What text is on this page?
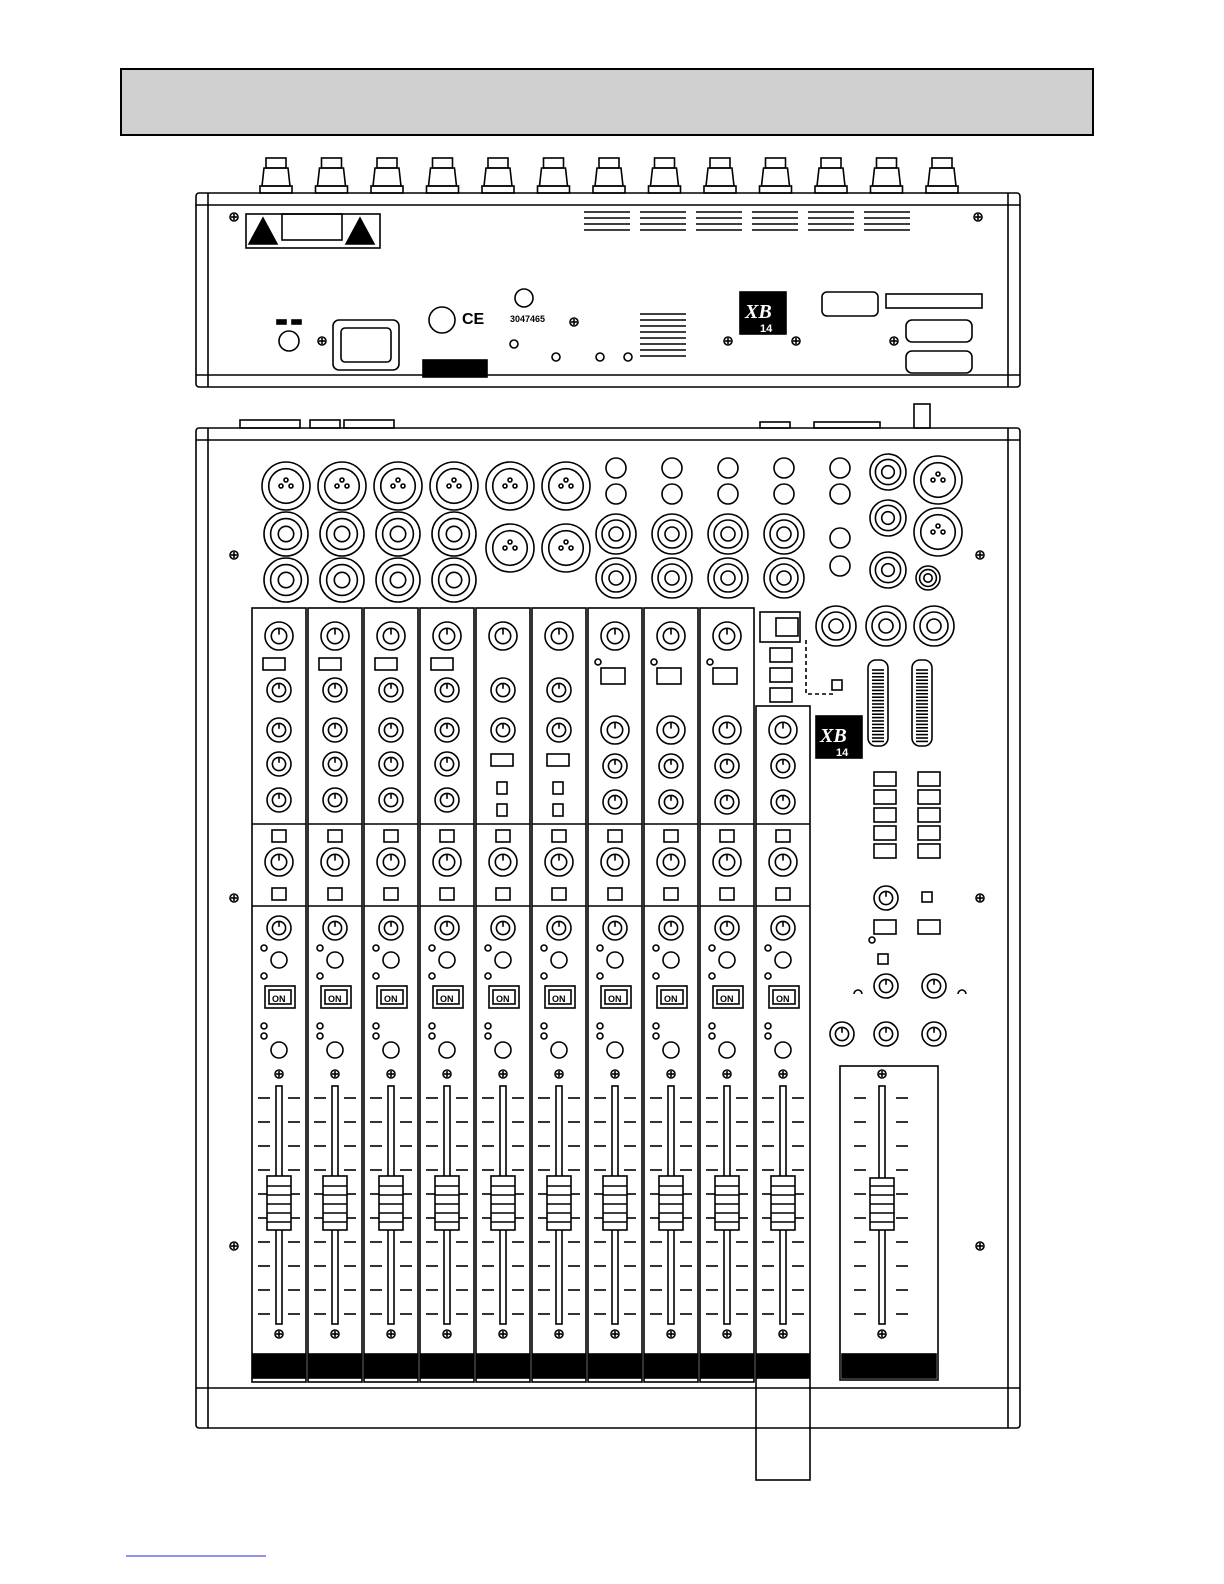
CE	3047465	XB
14
ON	ON	ON	ON	ON	ON	ON	ON	ON	ON
XB
14
